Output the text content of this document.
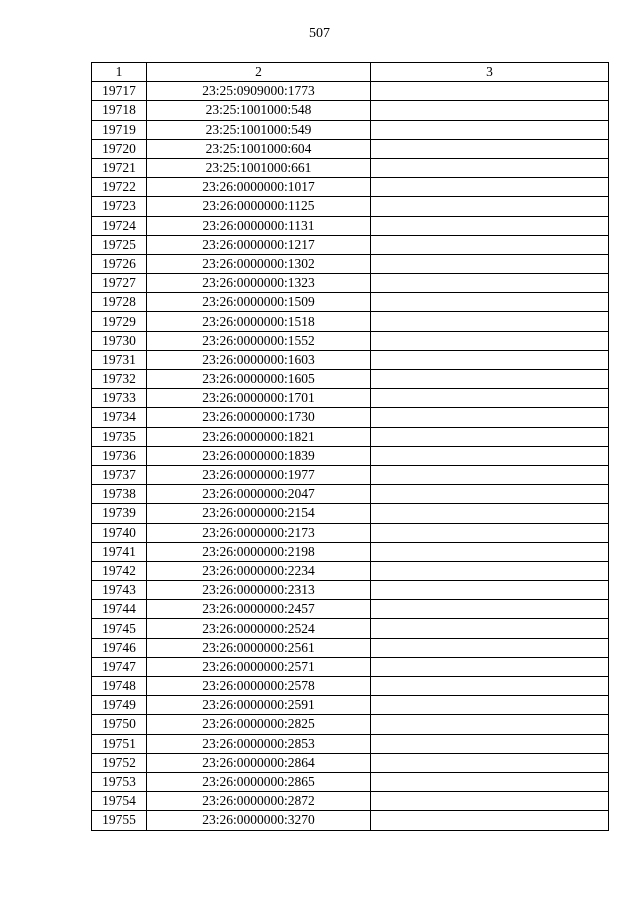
507
1	2	3
19717	23:25:0909000:1773	
19718	23:25:1001000:548	
19719	23:25:1001000:549	
19720	23:25:1001000:604	
19721	23:25:1001000:661	
19722	23:26:0000000:1017	
19723	23:26:0000000:1125	
19724	23:26:0000000:1131	
19725	23:26:0000000:1217	
19726	23:26:0000000:1302	
19727	23:26:0000000:1323	
19728	23:26:0000000:1509	
19729	23:26:0000000:1518	
19730	23:26:0000000:1552	
19731	23:26:0000000:1603	
19732	23:26:0000000:1605	
19733	23:26:0000000:1701	
19734	23:26:0000000:1730	
19735	23:26:0000000:1821	
19736	23:26:0000000:1839	
19737	23:26:0000000:1977	
19738	23:26:0000000:2047	
19739	23:26:0000000:2154	
19740	23:26:0000000:2173	
19741	23:26:0000000:2198	
19742	23:26:0000000:2234	
19743	23:26:0000000:2313	
19744	23:26:0000000:2457	
19745	23:26:0000000:2524	
19746	23:26:0000000:2561	
19747	23:26:0000000:2571	
19748	23:26:0000000:2578	
19749	23:26:0000000:2591	
19750	23:26:0000000:2825	
19751	23:26:0000000:2853	
19752	23:26:0000000:2864	
19753	23:26:0000000:2865	
19754	23:26:0000000:2872	
19755	23:26:0000000:3270	
